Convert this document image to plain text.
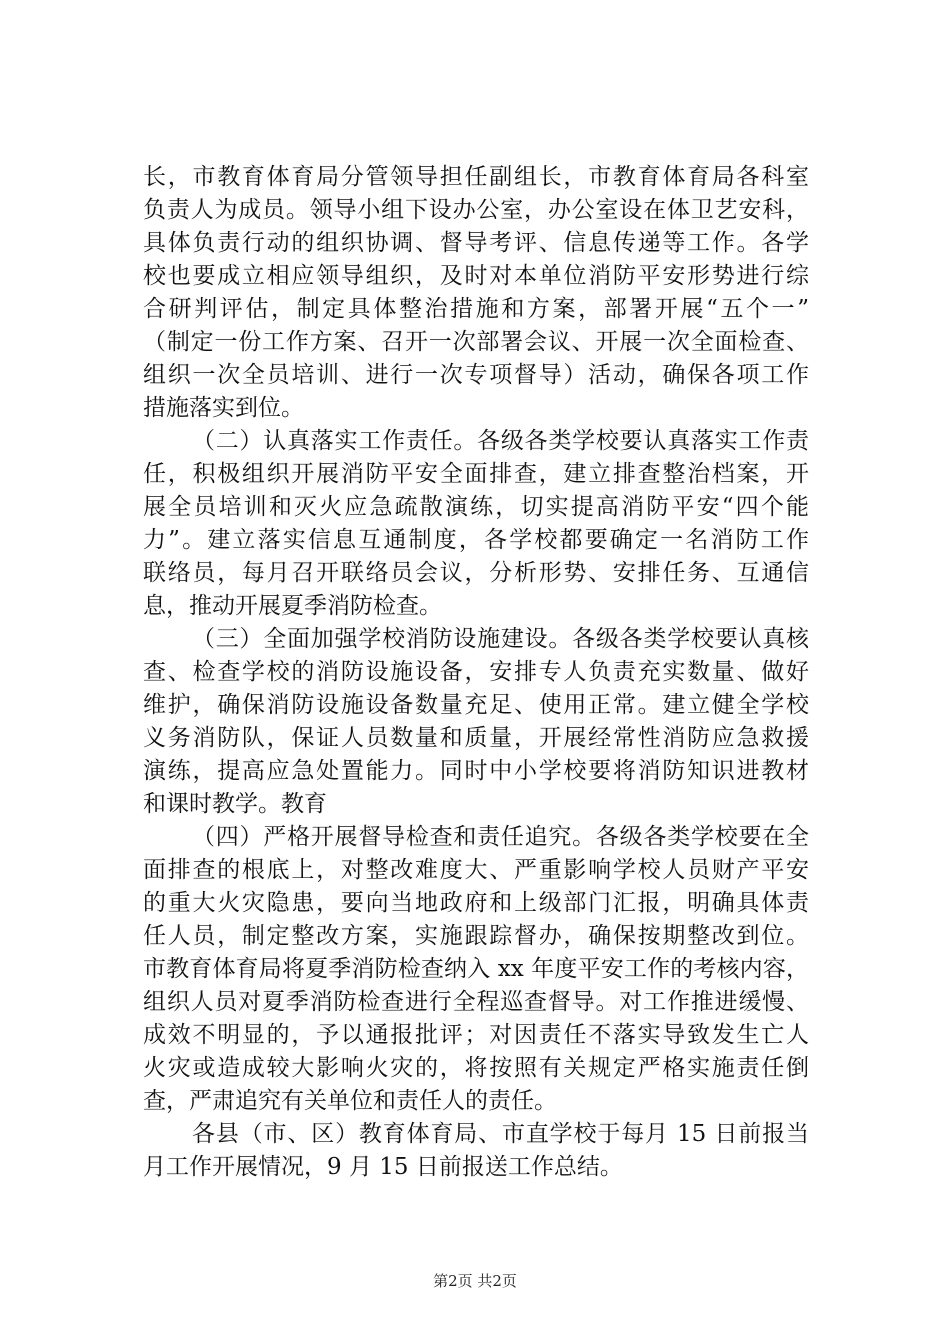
长，市教育体育局分管领导担任副组长，市教育体育局各科室
负责人为成员。领导小组下设办公室，办公室设在体卫艺安科，
具体负责行动的组织协调、督导考评、信息传递等工作。各学
校也要成立相应领导组织，及时对本单位消防平安形势进行综
合研判评估，制定具体整治措施和方案，部署开展“五个一”
（制定一份工作方案、召开一次部署会议、开展一次全面检查、
组织一次全员培训、进行一次专项督导）活动，确保各项工作
措施落实到位。
（二）认真落实工作责任。各级各类学校要认真落实工作责
任，积极组织开展消防平安全面排查，建立排查整治档案，开
展全员培训和灭火应急疏散演练，切实提高消防平安“四个能
力”。建立落实信息互通制度，各学校都要确定一名消防工作
联络员，每月召开联络员会议，分析形势、安排任务、互通信
息，推动开展夏季消防检查。
（三）全面加强学校消防设施建设。各级各类学校要认真核
查、检查学校的消防设施设备，安排专人负责充实数量、做好
维护，确保消防设施设备数量充足、使用正常。建立健全学校
义务消防队，保证人员数量和质量，开展经常性消防应急救援
演练，提高应急处置能力。同时中小学校要将消防知识进教材
和课时教学。教育
（四）严格开展督导检查和责任追究。各级各类学校要在全
面排查的根底上，对整改难度大、严重影响学校人员财产平安
的重大火灾隐患，要向当地政府和上级部门汇报，明确具体责
任人员，制定整改方案，实施跟踪督办，确保按期整改到位。
市教育体育局将夏季消防检查纳入 xx 年度平安工作的考核内容，
组织人员对夏季消防检查进行全程巡查督导。对工作推进缓慢、
成效不明显的，予以通报批评；对因责任不落实导致发生亡人
火灾或造成较大影响火灾的，将按照有关规定严格实施责任倒
查，严肃追究有关单位和责任人的责任。
各县（市、区）教育体育局、市直学校于每月 15 日前报当
月工作开展情况，9 月 15 日前报送工作总结。
第2页 共2页
